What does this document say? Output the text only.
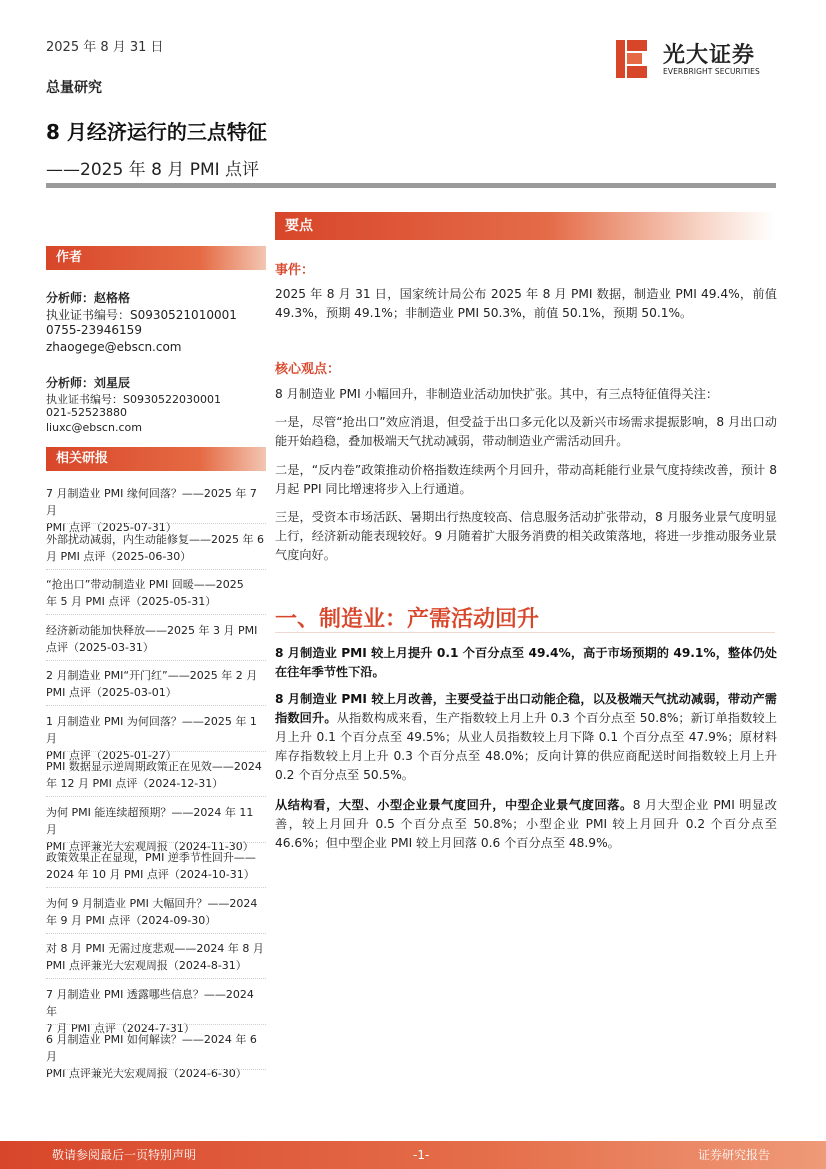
2025 年 8 月 31 日
总量研究
8 月经济运行的三点特征
——2025 年 8 月 PMI 点评
光大证券
EVERBRIGHT SECURITIES
作者
分析师：赵格格
执业证书编号：S0930521010001
0755-23946159
zhaogege@ebscn.com
分析师：刘星辰
执业证书编号：S0930522030001
021-52523880
liuxc@ebscn.com
相关研报
7 月制造业 PMI 缘何回落？——2025 年 7 月
PMI 点评（2025-07-31）
外部扰动减弱，内生动能修复——2025 年 6
月 PMI 点评（2025-06-30）
“抢出口”带动制造业 PMI 回暖——2025
年 5 月 PMI 点评（2025-05-31）
经济新动能加快释放——2025 年 3 月 PMI
点评（2025-03-31）
2 月制造业 PMI“开门红”——2025 年 2 月
PMI 点评（2025-03-01）
1 月制造业 PMI 为何回落？——2025 年 1 月
PMI 点评（2025-01-27）
PMI 数据显示逆周期政策正在见效——2024
年 12 月 PMI 点评（2024-12-31）
为何 PMI 能连续超预期？——2024 年 11 月
PMI 点评兼光大宏观周报（2024-11-30）
政策效果正在显现，PMI 逆季节性回升——
2024 年 10 月 PMI 点评（2024-10-31）
为何 9 月制造业 PMI 大幅回升？——2024
年 9 月 PMI 点评（2024-09-30）
对 8 月 PMI 无需过度悲观——2024 年 8 月
PMI 点评兼光大宏观周报（2024-8-31）
7 月制造业 PMI 透露哪些信息？——2024 年
7 月 PMI 点评（2024-7-31）
6 月制造业 PMI 如何解读？——2024 年 6 月
PMI 点评兼光大宏观周报（2024-6-30）
要点
事件：
2025 年 8 月 31 日，国家统计局公布 2025 年 8 月 PMI 数据，制造业 PMI 49.4%，前值 49.3%，预期 49.1%；非制造业 PMI 50.3%，前值 50.1%，预期 50.1%。
核心观点：
8 月制造业 PMI 小幅回升，非制造业活动加快扩张。其中，有三点特征值得关注：
一是，尽管“抢出口”效应消退，但受益于出口多元化以及新兴市场需求提振影响，8 月出口动能开始趋稳，叠加极端天气扰动减弱，带动制造业产需活动回升。
二是，“反内卷”政策推动价格指数连续两个月回升，带动高耗能行业景气度持续改善，预计 8 月起 PPI 同比增速将步入上行通道。
三是，受资本市场活跃、暑期出行热度较高、信息服务活动扩张带动，8 月服务业景气度明显上行，经济新动能表现较好。9 月随着扩大服务消费的相关政策落地，将进一步推动服务业景气度向好。
一、制造业：产需活动回升
8 月制造业 PMI 较上月提升 0.1 个百分点至 49.4%，高于市场预期的 49.1%，整体仍处在往年季节性下沿。
8 月制造业 PMI 较上月改善，主要受益于出口动能企稳，以及极端天气扰动减弱，带动产需指数回升。从指数构成来看，生产指数较上月上升 0.3 个百分点至 50.8%；新订单指数较上月上升 0.1 个百分点至 49.5%；从业人员指数较上月下降 0.1 个百分点至 47.9%；原材料库存指数较上月上升 0.3 个百分点至 48.0%；反向计算的供应商配送时间指数较上月上升 0.2 个百分点至 50.5%。
从结构看，大型、小型企业景气度回升，中型企业景气度回落。8 月大型企业 PMI 明显改善，较上月回升 0.5 个百分点至 50.8%；小型企业 PMI 较上月回升 0.2 个百分点至 46.6%；但中型企业 PMI 较上月回落 0.6 个百分点至 48.9%。
敬请参阅最后一页特别声明	-1-	证券研究报告
